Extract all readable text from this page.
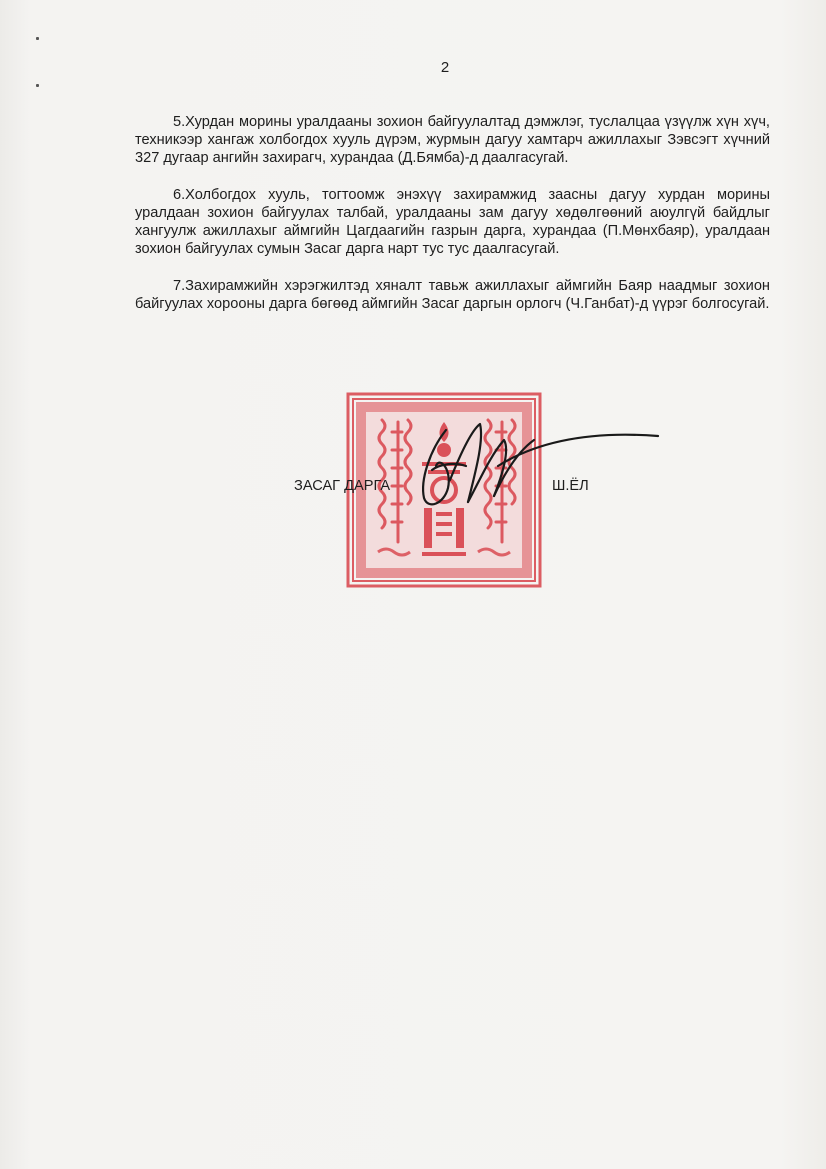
2

5.Хурдан морины уралдааны зохион байгуулалтад дэмжлэг, туслалцаа үзүүлж хүн хүч, техникээр хангаж холбогдох хууль дүрэм, журмын дагуу хамтарч ажиллахыг Зэвсэгт хүчний 327 дугаар ангийн захирагч, хурандаа (Д.Бямба)-д даалгасугай.

6.Холбогдох хууль, тогтоомж энэхүү захирамжид заасны дагуу хурдан морины уралдаан зохион байгуулах талбай, уралдааны зам дагуу хөдөлгөөний аюулгүй байдлыг хангуулж ажиллахыг аймгийн Цагдаагийн газрын дарга, хурандаа (П.Мөнхбаяр), уралдаан зохион байгуулах сумын Засаг дарга нарт тус тус даалгасугай.

7.Захирамжийн хэрэгжилтэд хяналт тавьж ажиллахыг аймгийн Баяр наадмыг зохион байгуулах хорооны дарга бөгөөд аймгийн Засаг даргын орлогч (Ч.Ганбат)-д үүрэг болгосугай.

ЗАСАГ ДАРГА	Ш.ЁЛ
